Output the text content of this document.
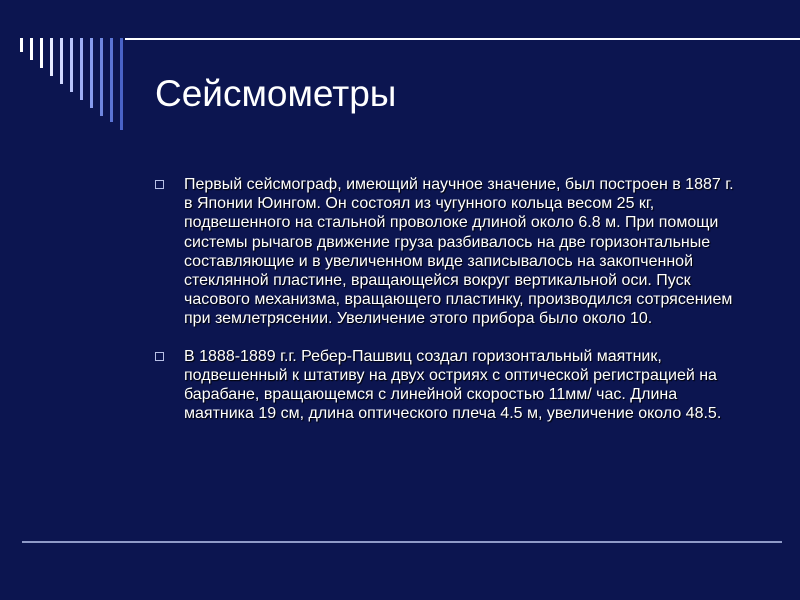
Сейсмометры
Первый сейсмограф, имеющий научное значение, был построен в 1887 г. в Японии Юингом. Он состоял из чугунного кольца весом 25 кг, подвешенного на стальной проволоке длиной около 6.8 м. При помощи системы рычагов движение груза разбивалось на две горизонтальные составляющие и в увеличенном виде записывалось на закопченной стеклянной пластине, вращающейся вокруг вертикальной оси. Пуск часового механизма, вращающего пластинку, производился сотрясением при землетрясении. Увеличение этого прибора было около 10.
В 1888-1889 г.г. Ребер-Пашвиц создал горизонтальный маятник, подвешенный к штативу на двух остриях с оптической регистрацией на барабане, вращающемся с линейной скоростью 11мм/ час. Длина маятника 19 см, длина оптического плеча 4.5 м, увеличение около 48.5.
